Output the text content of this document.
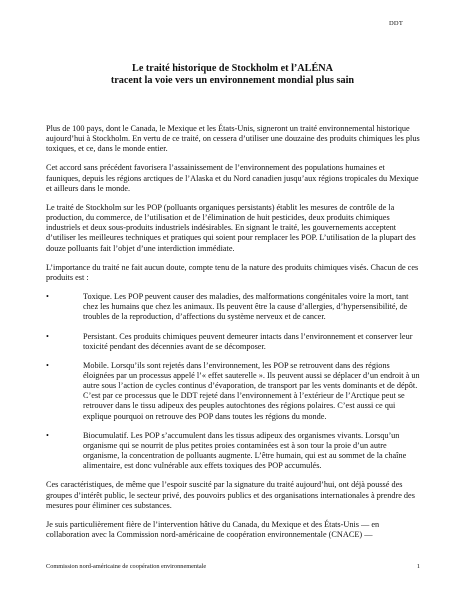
DDT
Le traité historique de Stockholm et l’ALÉNA
tracent la voie vers un environnement mondial plus sain

Plus de 100 pays, dont le Canada, le Mexique et les États-Unis, signeront un traité environnemental historique aujourd’hui à Stockholm. En vertu de ce traité, on cessera d’utiliser une douzaine des produits chimiques les plus toxiques, et ce, dans le monde entier.

Cet accord sans précédent favorisera l’assainissement de l’environnement des populations humaines et fauniques, depuis les régions arctiques de l’Alaska et du Nord canadien jusqu’aux régions tropicales du Mexique et ailleurs dans le monde.

Le traité de Stockholm sur les POP (polluants organiques persistants) établit les mesures de contrôle de la production, du commerce, de l’utilisation et de l’élimination de huit pesticides, deux produits chimiques industriels et deux sous-produits industriels indésirables. En signant le traité, les gouvernements acceptent d’utiliser les meilleures techniques et pratiques qui soient pour remplacer les POP. L’utilisation de la plupart des douze polluants fait l’objet d’une interdiction immédiate.

L’importance du traité ne fait aucun doute, compte tenu de la nature des produits chimiques visés. Chacun de ces produits est :

•	Toxique. Les POP peuvent causer des maladies, des malformations congénitales voire la mort, tant chez les humains que chez les animaux. Ils peuvent être la cause d’allergies, d’hypersensibilité, de troubles de la reproduction, d’affections du système nerveux et de cancer.
•	Persistant. Ces produits chimiques peuvent demeurer intacts dans l’environnement et conserver leur toxicité pendant des décennies avant de se décomposer.
•	Mobile. Lorsqu’ils sont rejetés dans l’environnement, les POP se retrouvent dans des régions éloignées par un processus appelé l’« effet sauterelle ». Ils peuvent aussi se déplacer d’un endroit à un autre sous l’action de cycles continus d’évaporation, de transport par les vents dominants et de dépôt. C’est par ce processus que le DDT rejeté dans l’environnement à l’extérieur de l’Arctique peut se retrouver dans le tissu adipeux des peuples autochtones des régions polaires. C’est aussi ce qui explique pourquoi on retrouve des POP dans toutes les régions du monde.
•	Biocumulatif. Les POP s’accumulent dans les tissus adipeux des organismes vivants. Lorsqu’un organisme qui se nourrit de plus petites proies contaminées est à son tour la proie d’un autre organisme, la concentration de polluants augmente. L’être humain, qui est au sommet de la chaîne alimentaire, est donc vulnérable aux effets toxiques des POP accumulés.

Ces caractéristiques, de même que l’espoir suscité par la signature du traité aujourd’hui, ont déjà poussé des groupes d’intérêt public, le secteur privé, des pouvoirs publics et des organisations internationales à prendre des mesures pour éliminer ces substances.

Je suis particulièrement fière de l’intervention hâtive du Canada, du Mexique et des États-Unis — en collaboration avec la Commission nord-américaine de coopération environnementale (CNACE) —

Commission nord-américaine de coopération environnementale	1
